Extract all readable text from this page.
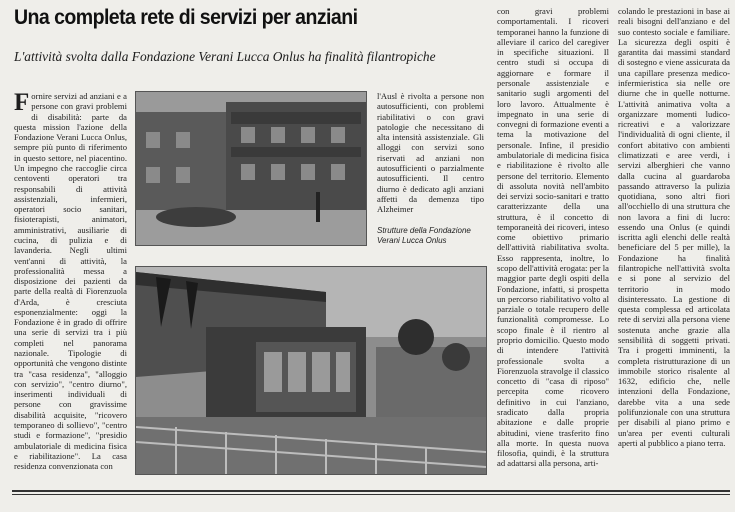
Una completa rete di servizi per anziani
L'attività svolta dalla Fondazione Verani Lucca Onlus ha finalità filantropiche
Fornire servizi ad anziani e a persone con gravi problemi di disabilità: parte da questa mission l'azione della Fondazione Verani Lucca Onlus, sempre più punto di riferimento in questo settore, nel piacentino. Un impegno che raccoglie circa centoventi operatori tra responsabili di attività assistenziali, infermieri, operatori socio sanitari, fisioterapisti, animatori, amministrativi, ausiliarie di cucina, di pulizia e di lavanderia. Negli ultimi vent'anni di attività, la professionalità messa a disposizione dei pazienti da parte della realtà di Fiorenzuola d'Arda, è cresciuta esponenzialmente: oggi la Fondazione è in grado di offrire una serie di servizi tra i più completi nel panorama nazionale. Tipologie di opportunità che vengono distinte tra "casa residenza", "alloggio con servizio", "centro diurno", inserimenti individuali di persone con gravissime disabilità acquisite, "ricovero temporaneo di sollievo", "centro studi e formazione", "presidio ambulatoriale di medicina fisica e riabilitazione". La casa residenza convenzionata con

l'Ausl è rivolta a persone non autosufficienti, con problemi riabilitativi o con gravi patologie che necessitano di alta intensità assistenziale. Gli alloggi con servizi sono riservati ad anziani non autosufficienti o parzialmente autosufficienti. Il centro diurno è dedicato agli anziani affetti da demenza tipo Alzheimer

Strutture della Fondazione Verani Lucca Onlus

con gravi problemi comportamentali. I ricoveri temporanei hanno la funzione di alleviare il carico del caregiver in specifiche situazioni. Il centro studi si occupa di aggiornare e formare il personale assistenziale e sanitario sugli argomenti del loro lavoro. Attualmente è impegnato in una serie di convegni di formazione eventi a tema la motivazione del personale. Infine, il presidio ambulatoriale di medicina fisica e riabilitazione è rivolto alle persone del territorio. Elemento di assoluta novità nell'ambito dei servizi socio-sanitari e tratto caratterizzante della una struttura, è il concetto di temporaneità dei ricoveri, inteso come obiettivo primario dell'attività riabilitativa svolta. Esso rappresenta, inoltre, lo scopo dell'attività erogata: per la maggior parte degli ospiti della Fondazione, infatti, si prospetta un percorso riabilitativo volto al parziale o totale recupero delle funzionalità compromesse. Lo scopo finale è il rientro al proprio domicilio. Questo modo di intendere l'attività professionale svolta a Fiorenzuola stravolge il classico concetto di "casa di riposo" percepita come ricovero definitivo in cui l'anziano, sradicato dalla propria abitazione e dalle proprie abitudini, viene trasferito fino alla morte. In questa nuova filosofia, quindi, è la struttura ad adattarsi alla persona, arti-

colando le prestazioni in base ai reali bisogni dell'anziano e del suo contesto sociale e familiare. La sicurezza degli ospiti è garantita dai massimi standard di sostegno e viene assicurata da una capillare presenza medico-infermieristica sia nelle ore diurne che in quelle notturne. L'attività animativa volta a organizzare momenti ludico-ricreativi e a valorizzare l'individualità di ogni cliente, il confort abitativo con ambienti climatizzati e aree verdi, i servizi alberghieri che vanno dalla cucina al guardaroba passando attraverso la pulizia quotidiana, sono altri fiori all'occhiello di una struttura che non lavora a fini di lucro: essendo una Onlus (e quindi iscritta agli elenchi delle realtà beneficiare del 5 per mille), la Fondazione ha finalità filantropiche nell'attività svolta e si pone al servizio del territorio in modo disinteressato. La gestione di questa complessa ed articolata rete di servizi alla persona viene sostenuta anche grazie alla sensibilità di soggetti privati. Tra i progetti imminenti, la completa ristrutturazione di un immobile storico risalente al 1632, edificio che, nelle intenzioni della Fondazione, darebbe vita a una sede polifunzionale con una struttura per disabili al piano primo e un'area per eventi culturali aperti al pubblico a piano terra.
